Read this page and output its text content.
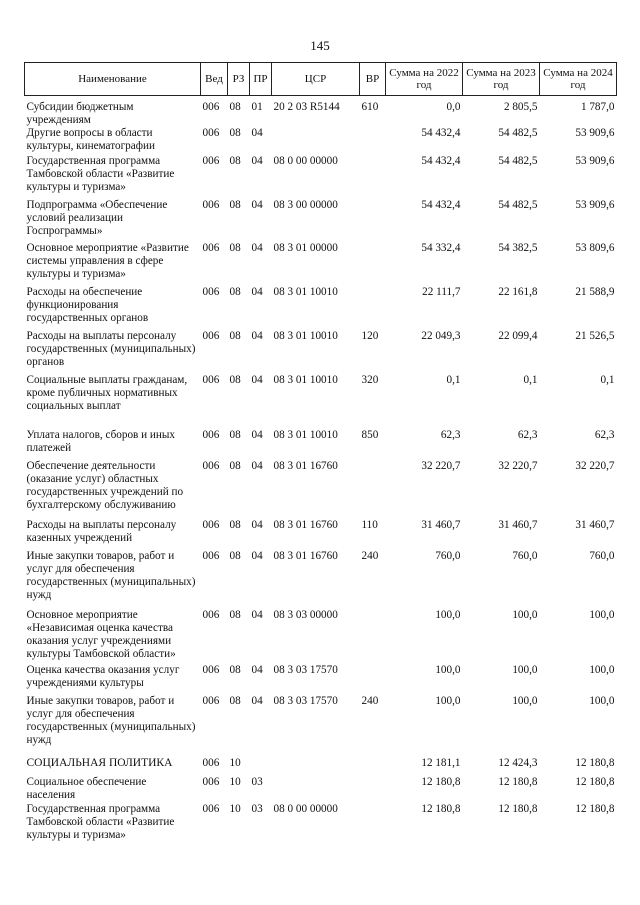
145
Наименование	Вед	РЗ	ПР	ЦСР	ВР	Сумма на 2022 год	Сумма на 2023 год	Сумма на 2024 год
Субсидии бюджетным учреждениям	006	08	01	20 2 03 R5144	610	0,0	2 805,5	1 787,0
Другие вопросы в области культуры, кинематографии	006	08	04			54 432,4	54 482,5	53 909,6
Государственная программа Тамбовской области «Развитие культуры и туризма»	006	08	04	08 0 00 00000		54 432,4	54 482,5	53 909,6
Подпрограмма «Обеспечение условий реализации Госпрограммы»	006	08	04	08 3 00 00000		54 432,4	54 482,5	53 909,6
Основное мероприятие «Развитие системы управления в сфере культуры и туризма»	006	08	04	08 3 01 00000		54 332,4	54 382,5	53 809,6
Расходы на обеспечение функционирования государственных органов	006	08	04	08 3 01 10010		22 111,7	22 161,8	21 588,9
Расходы на выплаты персоналу государственных (муниципальных) органов	006	08	04	08 3 01 10010	120	22 049,3	22 099,4	21 526,5
Социальные выплаты гражданам, кроме публичных нормативных социальных выплат	006	08	04	08 3 01 10010	320	0,1	0,1	0,1
Уплата налогов, сборов и иных платежей	006	08	04	08 3 01 10010	850	62,3	62,3	62,3
Обеспечение деятельности (оказание услуг) областных государственных учреждений по бухгалтерскому обслуживанию	006	08	04	08 3 01 16760		32 220,7	32 220,7	32 220,7
Расходы на выплаты персоналу казенных учреждений	006	08	04	08 3 01 16760	110	31 460,7	31 460,7	31 460,7
Иные закупки товаров, работ и услуг для обеспечения государственных (муниципальных) нужд	006	08	04	08 3 01 16760	240	760,0	760,0	760,0
Основное мероприятие «Независимая оценка качества оказания услуг учреждениями культуры Тамбовской области»	006	08	04	08 3 03 00000		100,0	100,0	100,0
Оценка качества оказания услуг учреждениями культуры	006	08	04	08 3 03 17570		100,0	100,0	100,0
Иные закупки товаров, работ и услуг для обеспечения государственных (муниципальных) нужд	006	08	04	08 3 03 17570	240	100,0	100,0	100,0
СОЦИАЛЬНАЯ ПОЛИТИКА	006	10				12 181,1	12 424,3	12 180,8
Социальное обеспечение населения	006	10	03			12 180,8	12 180,8	12 180,8
Государственная программа Тамбовской области «Развитие культуры и туризма»	006	10	03	08 0 00 00000		12 180,8	12 180,8	12 180,8
